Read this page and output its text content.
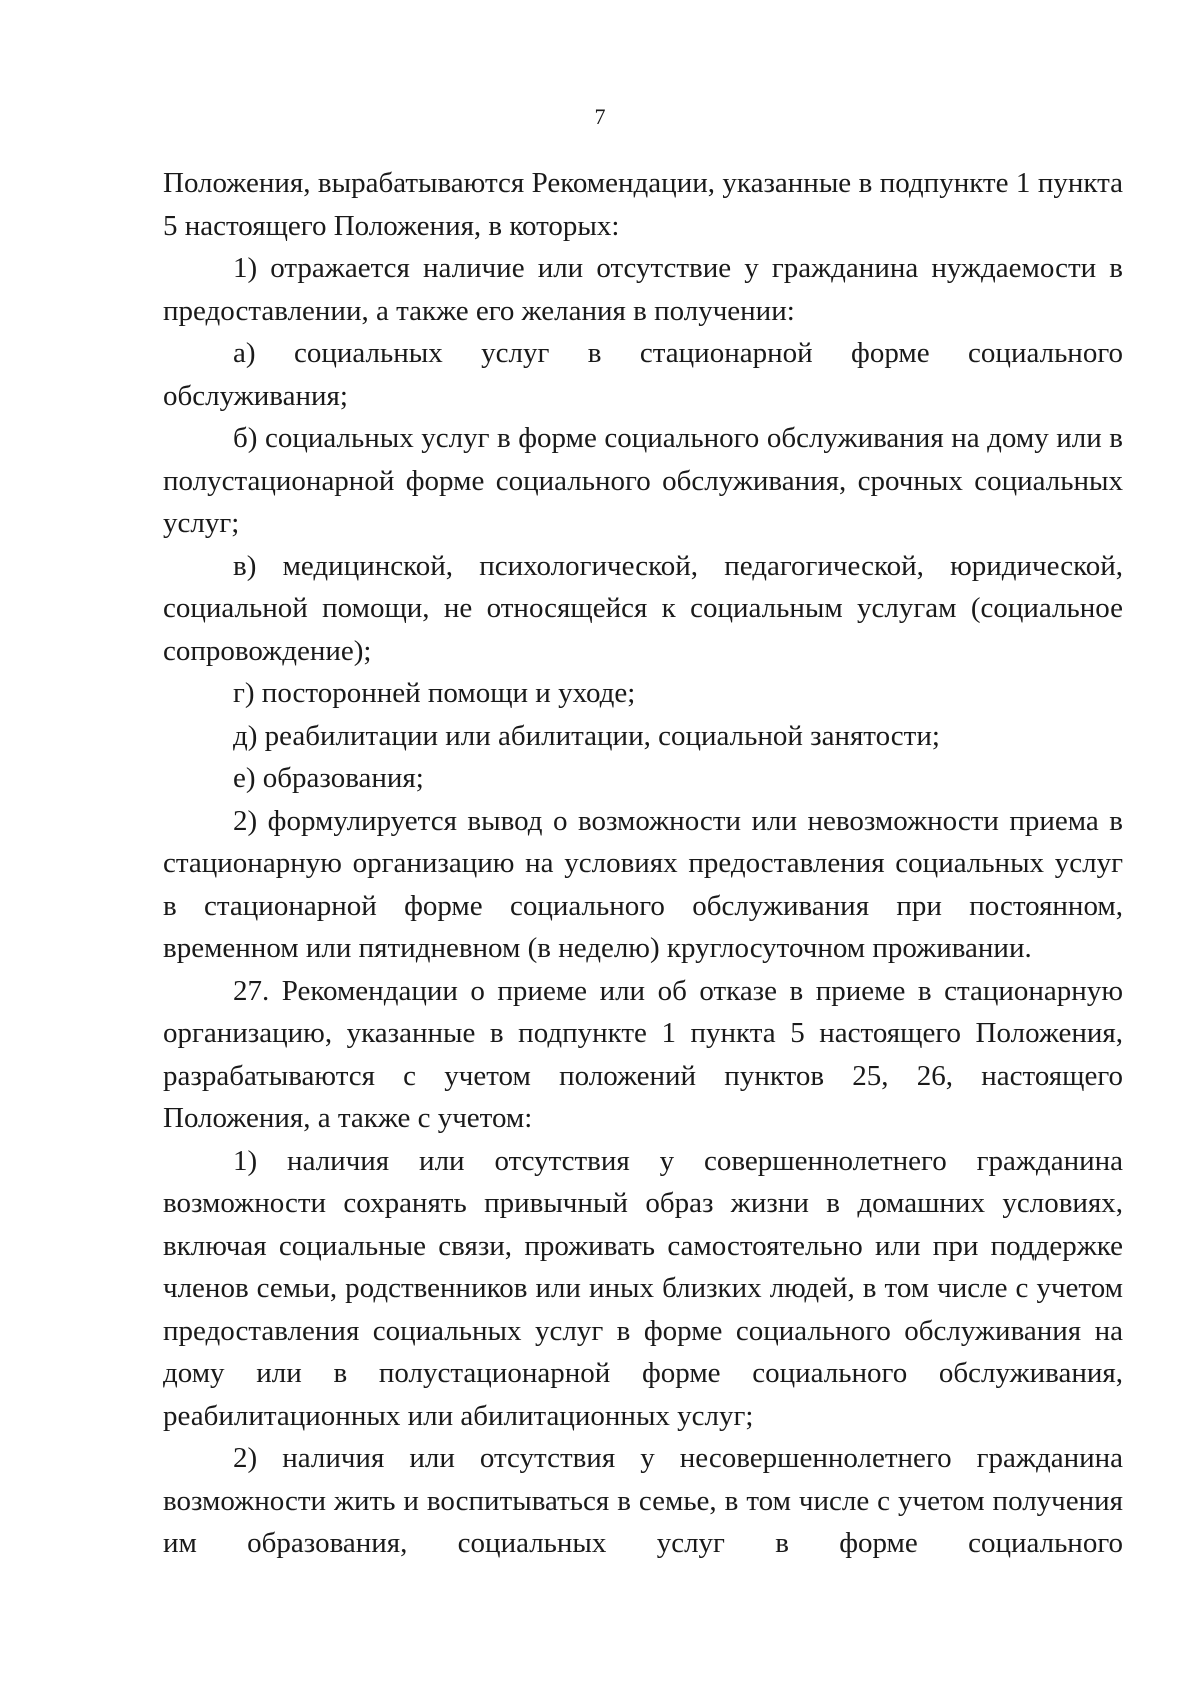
7

Положения, вырабатываются Рекомендации, указанные в подпункте 1 пункта 5 настоящего Положения, в которых:

1) отражается наличие или отсутствие у гражданина нуждаемости в предоставлении, а также его желания в получении:

а) социальных услуг в стационарной форме социального обслуживания;

б) социальных услуг в форме социального обслуживания на дому или в полустационарной форме социального обслуживания, срочных социальных услуг;

в) медицинской, психологической, педагогической, юридической, социальной помощи, не относящейся к социальным услугам (социальное сопровождение);

г) посторонней помощи и уходе;

д) реабилитации или абилитации, социальной занятости;

е) образования;

2) формулируется вывод о возможности или невозможности приема в стационарную организацию на условиях предоставления социальных услуг в стационарной форме социального обслуживания при постоянном, временном или пятидневном (в неделю) круглосуточном проживании.

27. Рекомендации о приеме или об отказе в приеме в стационарную организацию, указанные в подпункте 1 пункта 5 настоящего Положения, разрабатываются с учетом положений пунктов 25, 26, настоящего Положения, а также с учетом:

1) наличия или отсутствия у совершеннолетнего гражданина возможности сохранять привычный образ жизни в домашних условиях, включая социальные связи, проживать самостоятельно или при поддержке членов семьи, родственников или иных близких людей, в том числе с учетом предоставления социальных услуг в форме социального обслуживания на дому или в полустационарной форме социального обслуживания, реабилитационных или абилитационных услуг;

2) наличия или отсутствия у несовершеннолетнего гражданина возможности жить и воспитываться в семье, в том числе с учетом получения им образования, социальных услуг в форме социального
